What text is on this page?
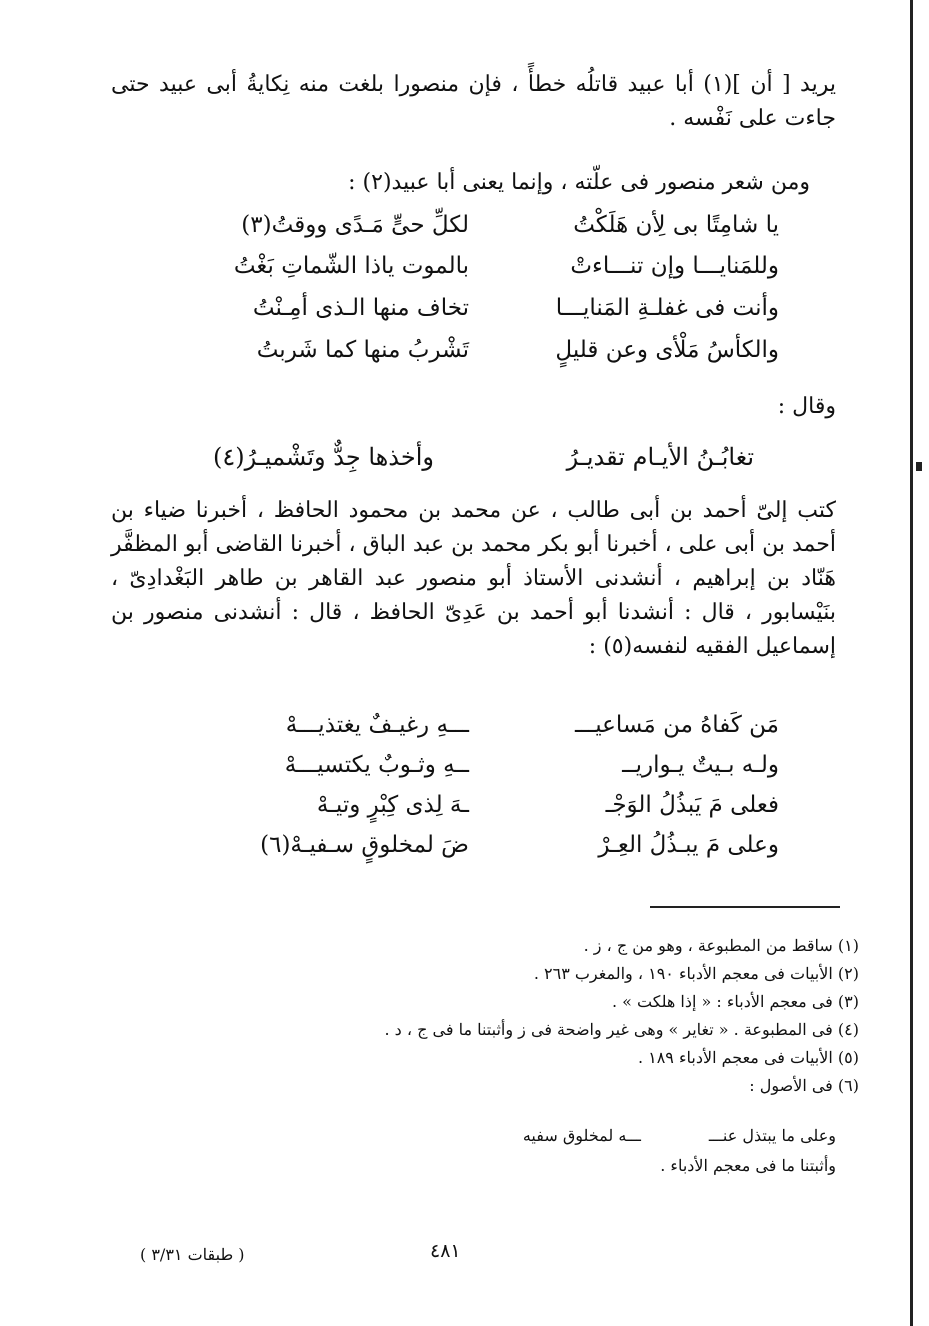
يريد [ أن ](١) أبا عبيد قاتلُه خطأً ، فإن منصورا بلغت منه نِكايةُ أبى عبيد حتى جاءت على نَفْسه .
ومن شعر منصور فى علّته ، وإنما يعنى أبا عبيد(٢) :
يا شامِتًا بى لِأن هَلَكْتُ
لكلِّ حىٍّ مَـدًى ووقتُ(٣)
وللمَنايـــا وإن تنـــاءتْ
بالموت ياذا الشّماتِ بَغْتُ
وأنت فى غفلـةِ المَنايـــا
تخاف منها الـذى أمِـنْتُ
والكأسُ مَلْأى وعن قليلٍ
تَشْربُ منها كما شَربتُ
وقال :
تغابُـنُ الأيـام تقديـرُ
وأخذها جِدٌّ وتَشْميـرُ(٤)
كتب إلىّ أحمد بن أبى طالب ، عن محمد بن محمود الحافظ ، أخبرنا ضياء بن أحمد بن أبى على ، أخبرنا أبو بكر محمد بن عبد الباق ، أخبرنا القاضى أبو المظفَّر هَنّاد بن إبراهيم ، أنشدنى الأستاذ أبو منصور عبد القاهر بن طاهر البَغْدادِىّ ، بنَيْسابور ، قال : أنشدنا أبو أحمد بن عَدِىّ الحافظ ، قال : أنشدنى منصور بن إسماعيل الفقيه لنفسه(٥) :
مَن كَفاهُ من مَساعيـــ
ـــهِ رغيـفٌ يغتذيـــهْ
ولـه بـيتٌ يـواريــ
ــهِ وثـوبٌ يكتسيـــهْ
فعلى مَ يَبذُلُ الوَجْـ
ـهَ لِذى كِبْرٍ وتيـهْ
وعلى مَ يبـذُلُ العِـرْ
ضَ لمخلوقٍ سـفيـهْ(٦)
(١) ساقط من المطبوعة ، وهو من ج ، ز .
(٢) الأبيات فى معجم الأدباء ١٩٠ ، والمغرب ٢٦٣ .
(٣) فى معجم الأدباء : « إذا هلكت » .
(٤) فى المطبوعة . « تغاير » وهى غير واضحة فى ز وأثبتنا ما فى ج ، د .
(٥) الأبيات فى معجم الأدباء ١٨٩ .
(٦) فى الأصول :
وعلى ما يبتذل عنـــ
ـــه لمخلوق سفيه
وأثبتنا ما فى معجم الأدباء .
٤٨١
( طبقات ٣/٣١ )
